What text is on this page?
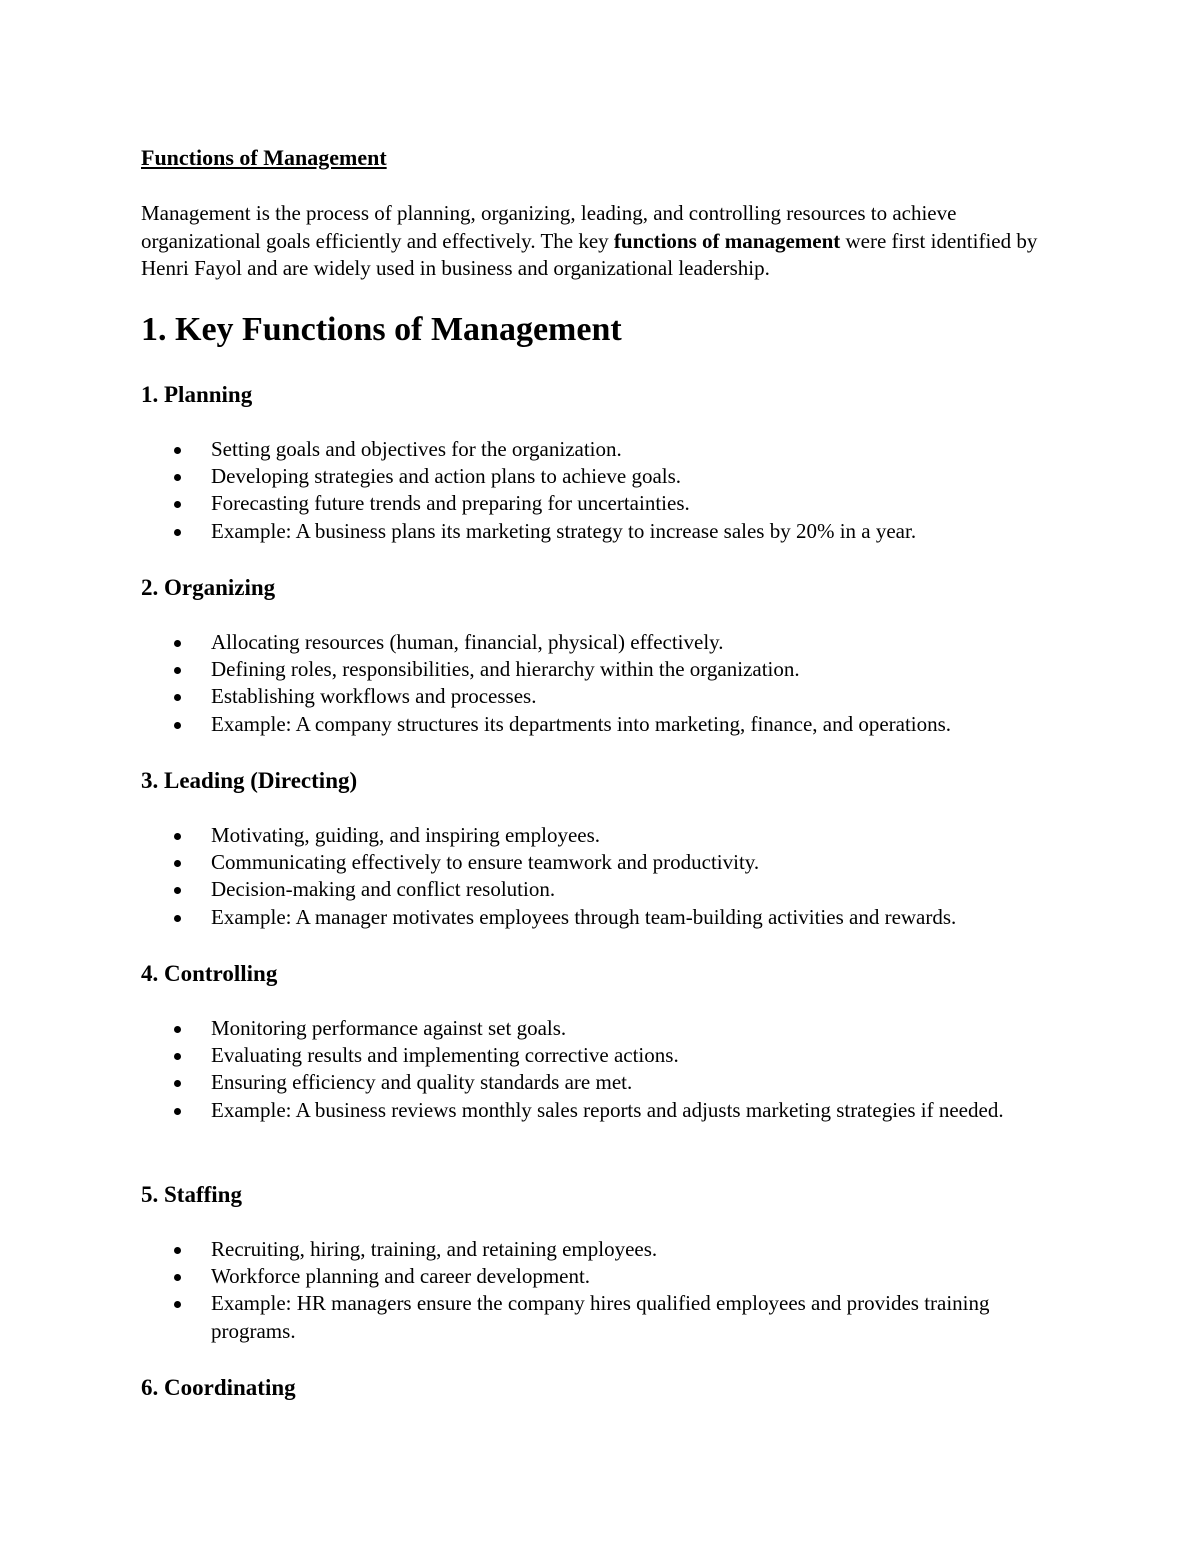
Functions of Management

Management is the process of planning, organizing, leading, and controlling resources to achieve organizational goals efficiently and effectively. The key functions of management were first identified by Henri Fayol and are widely used in business and organizational leadership.

1. Key Functions of Management
1. Planning
Setting goals and objectives for the organization.
Developing strategies and action plans to achieve goals.
Forecasting future trends and preparing for uncertainties.
Example: A business plans its marketing strategy to increase sales by 20% in a year.
2. Organizing
Allocating resources (human, financial, physical) effectively.
Defining roles, responsibilities, and hierarchy within the organization.
Establishing workflows and processes.
Example: A company structures its departments into marketing, finance, and operations.
3. Leading (Directing)
Motivating, guiding, and inspiring employees.
Communicating effectively to ensure teamwork and productivity.
Decision-making and conflict resolution.
Example: A manager motivates employees through team-building activities and rewards.
4. Controlling
Monitoring performance against set goals.
Evaluating results and implementing corrective actions.
Ensuring efficiency and quality standards are met.
Example: A business reviews monthly sales reports and adjusts marketing strategies if needed.
5. Staffing
Recruiting, hiring, training, and retaining employees.
Workforce planning and career development.
Example: HR managers ensure the company hires qualified employees and provides training programs.
6. Coordinating
